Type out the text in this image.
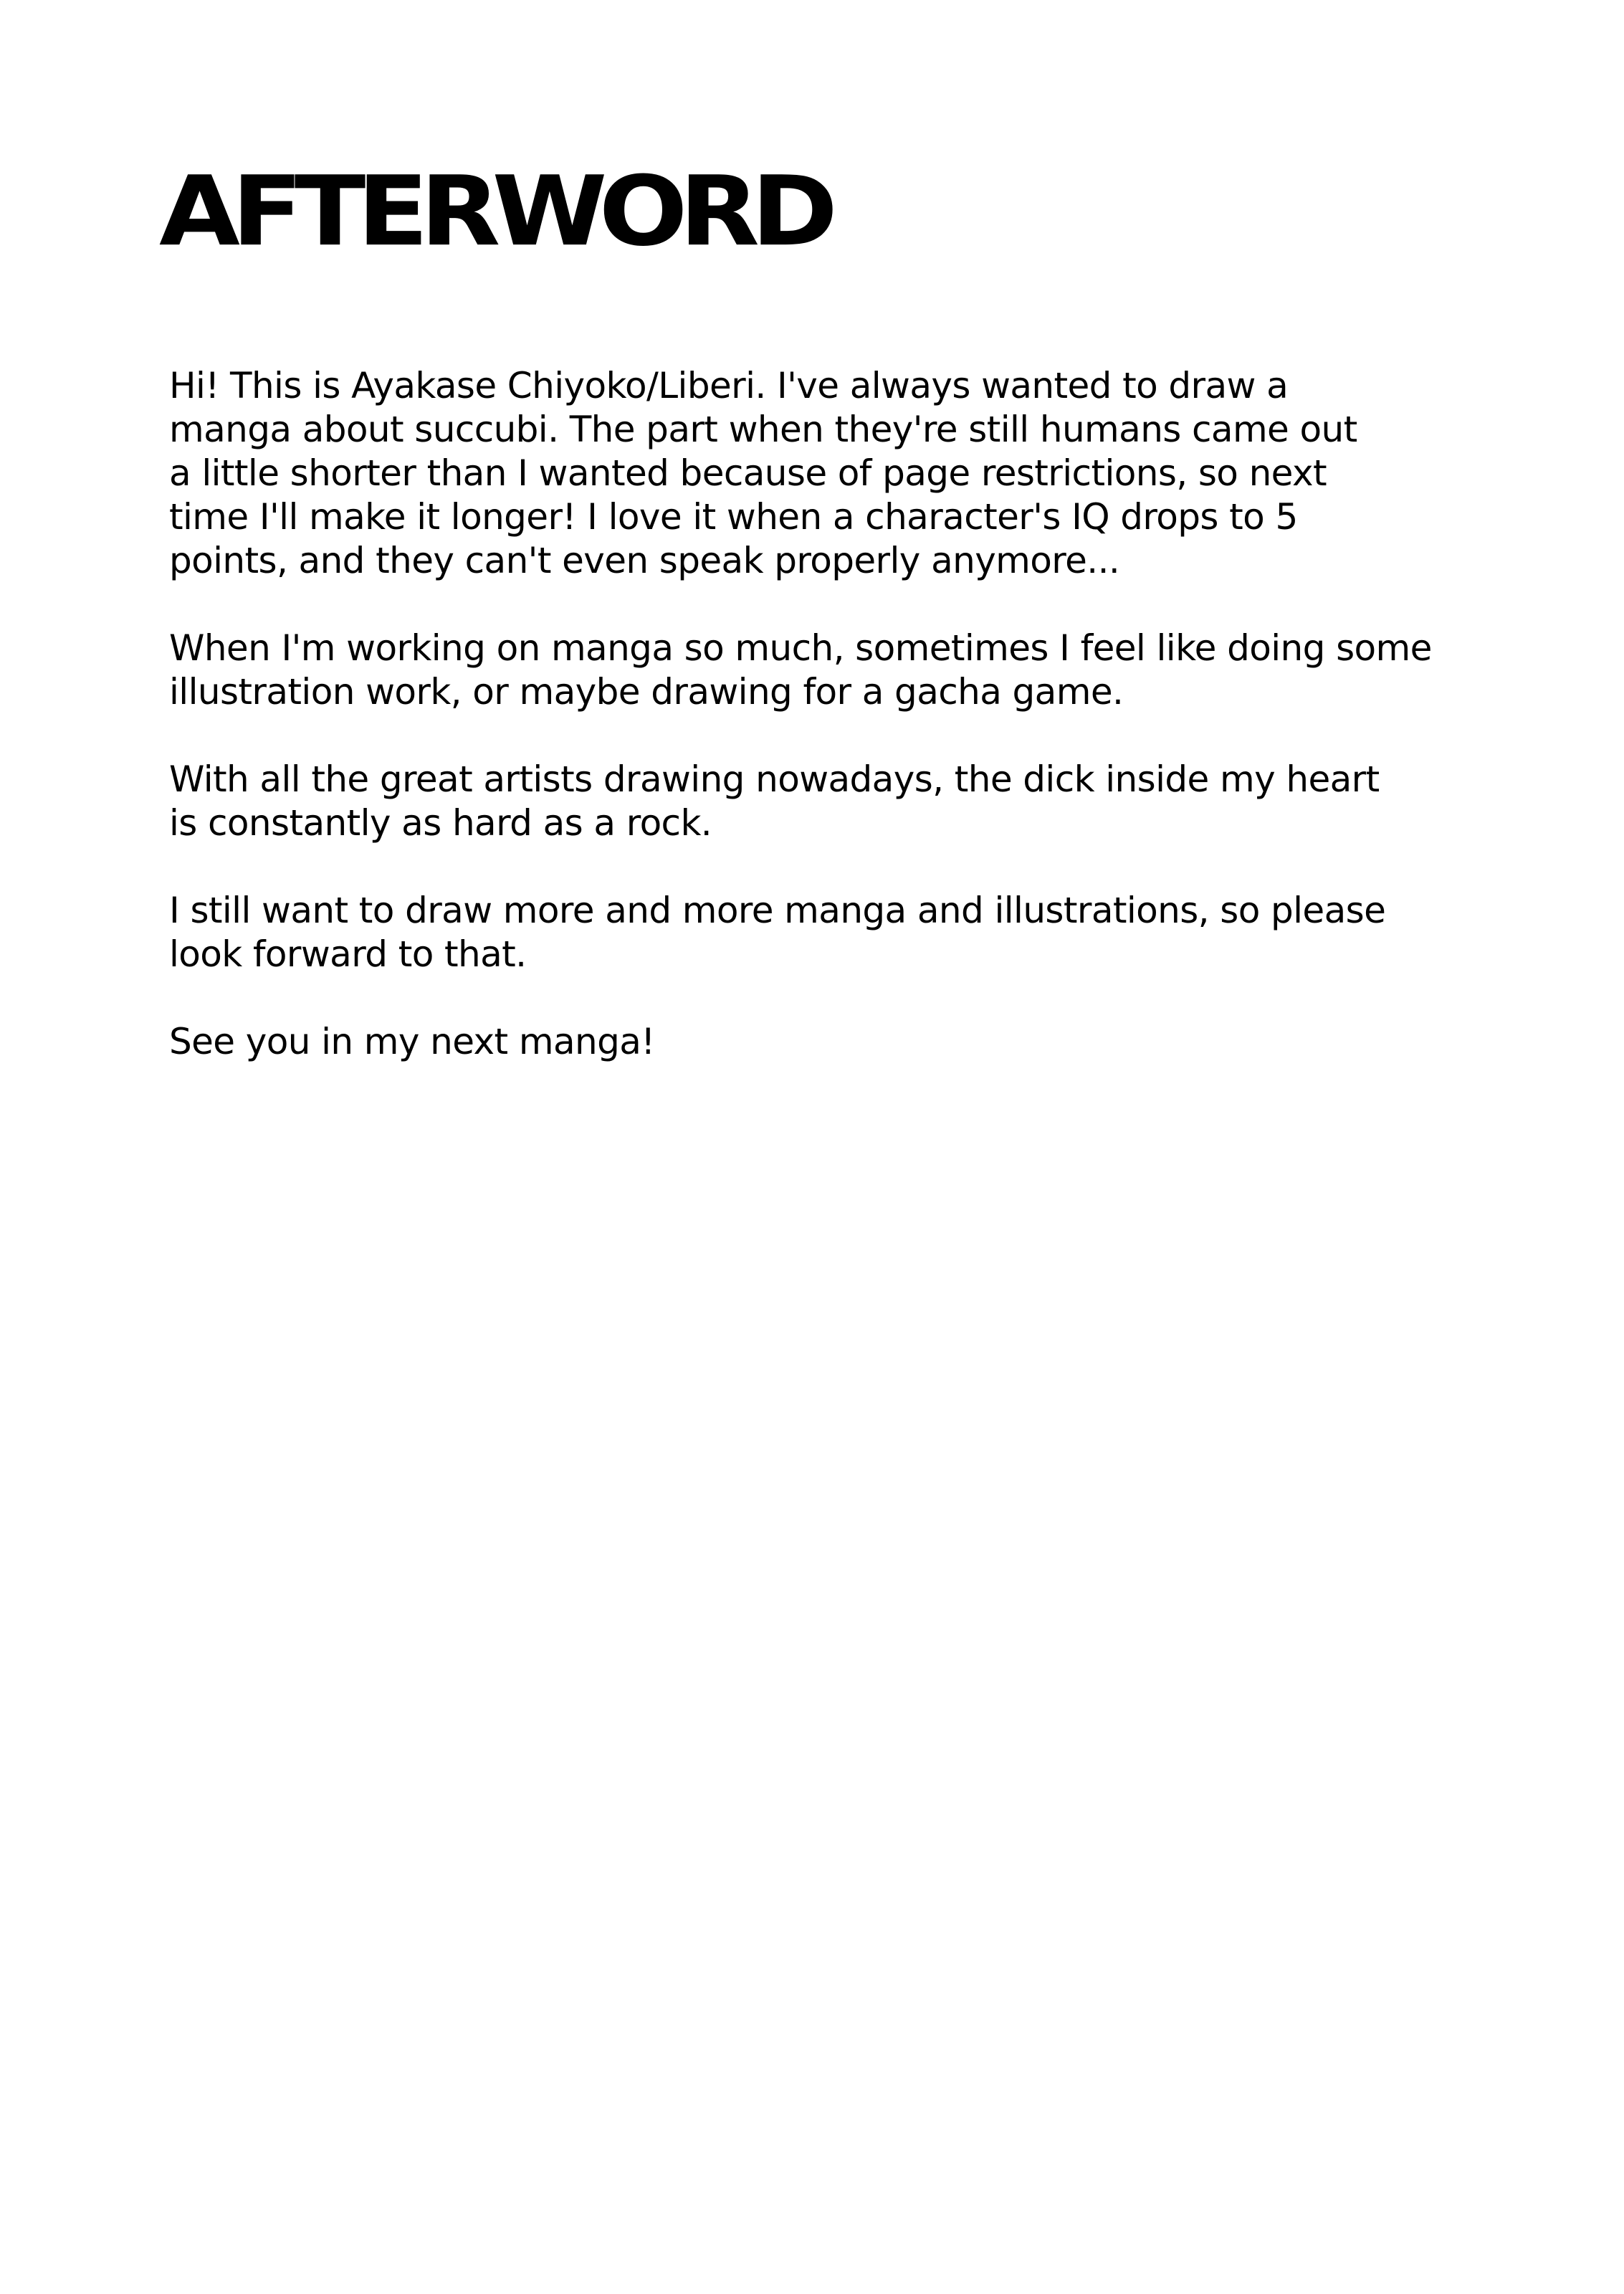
AFTERWORD

Hi! This is Ayakase Chiyoko/Liberi. I've always wanted to draw a
manga about succubi. The part when they're still humans came out
a little shorter than I wanted because of page restrictions, so next
time I'll make it longer! I love it when a character's IQ drops to 5
points, and they can't even speak properly anymore...

When I'm working on manga so much, sometimes I feel like doing some
illustration work, or maybe drawing for a gacha game.

With all the great artists drawing nowadays, the dick inside my heart
is constantly as hard as a rock.

I still want to draw more and more manga and illustrations, so please
look forward to that.

See you in my next manga!
